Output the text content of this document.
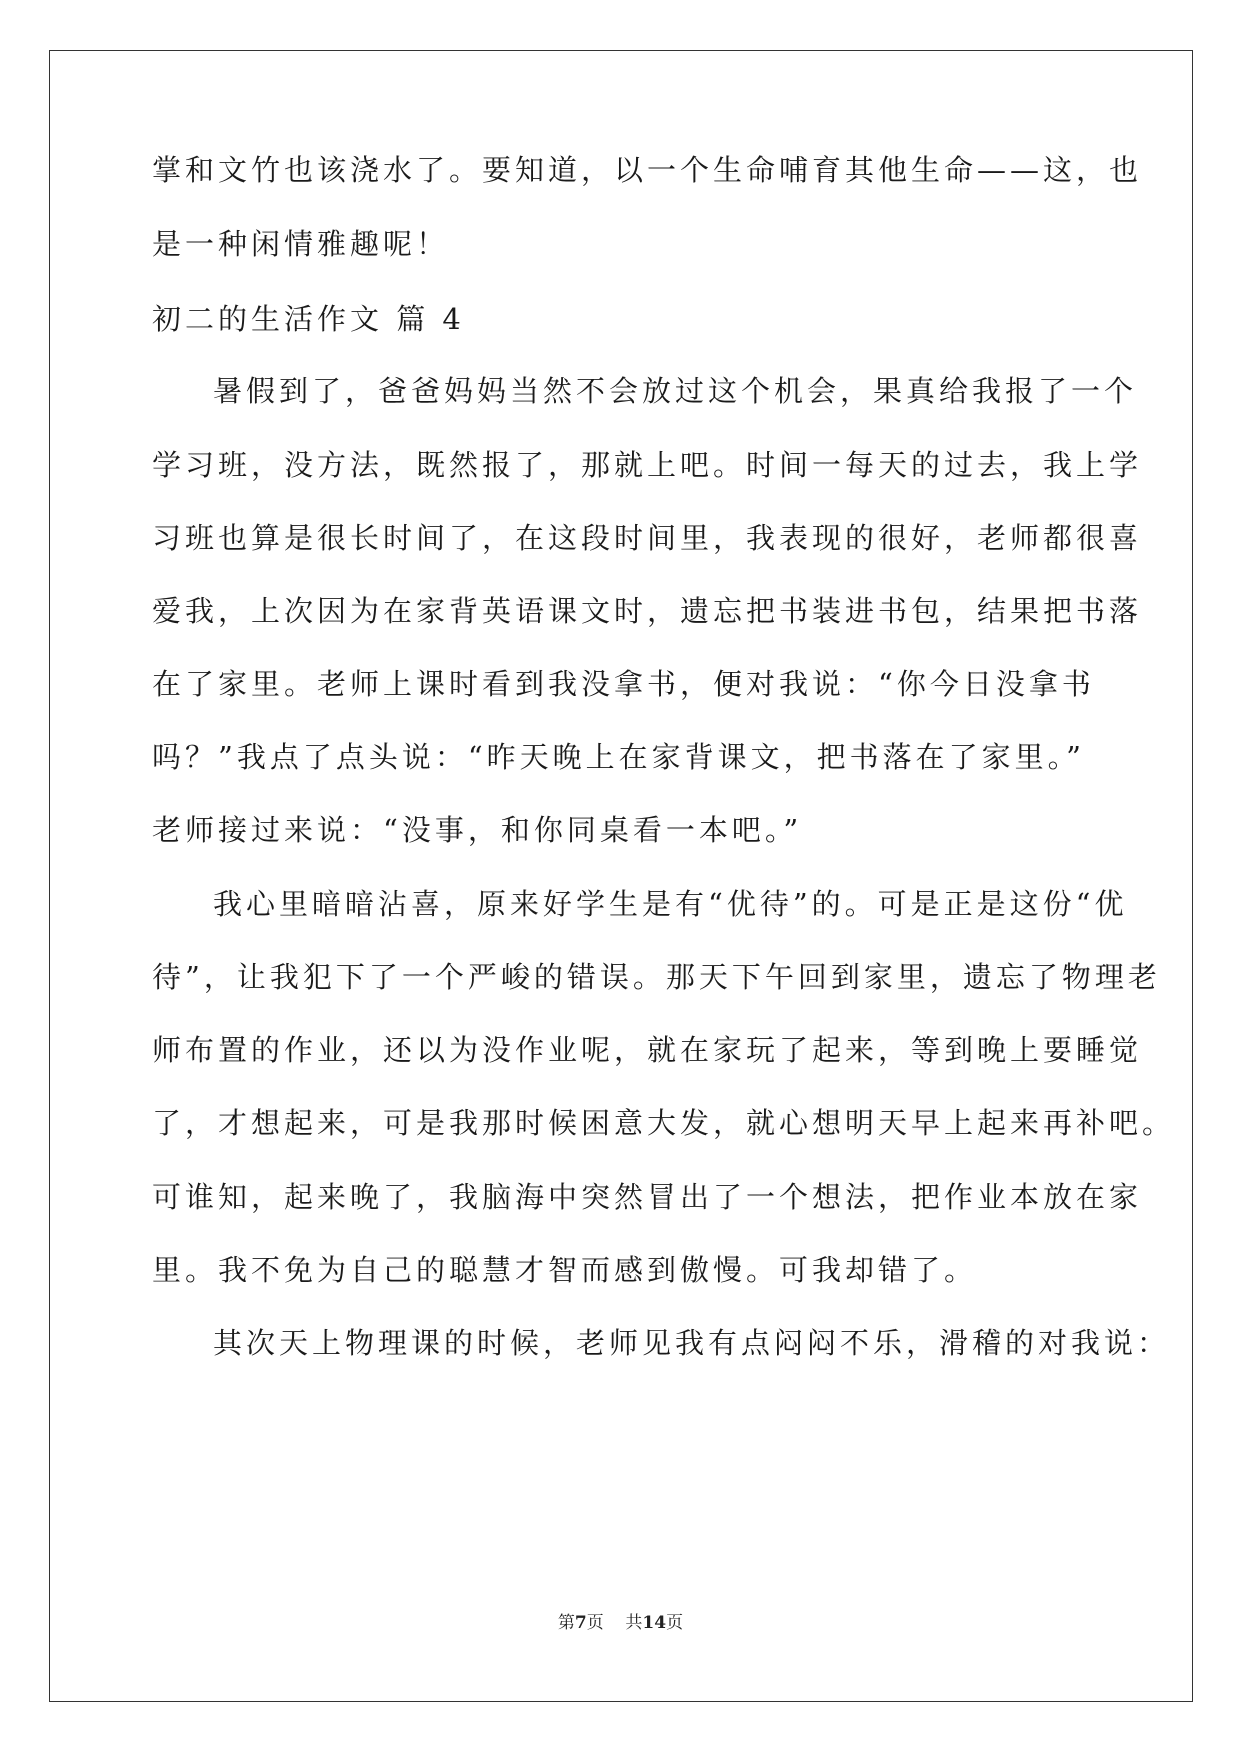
掌和文竹也该浇水了。要知道，以一个生命哺育其他生命——这，也
是一种闲情雅趣呢！
初二的生活作文 篇 4
暑假到了，爸爸妈妈当然不会放过这个机会，果真给我报了一个
学习班，没方法，既然报了，那就上吧。时间一每天的过去，我上学
习班也算是很长时间了，在这段时间里，我表现的很好，老师都很喜
爱我，上次因为在家背英语课文时，遗忘把书装进书包，结果把书落
在了家里。老师上课时看到我没拿书，便对我说：“你今日没拿书
吗？”我点了点头说：“昨天晚上在家背课文，把书落在了家里。”
老师接过来说：“没事，和你同桌看一本吧。”
我心里暗暗沾喜，原来好学生是有“优待”的。可是正是这份“优
待”，让我犯下了一个严峻的错误。那天下午回到家里，遗忘了物理老
师布置的作业，还以为没作业呢，就在家玩了起来，等到晚上要睡觉
了，才想起来，可是我那时候困意大发，就心想明天早上起来再补吧。
可谁知，起来晚了，我脑海中突然冒出了一个想法，把作业本放在家
里。我不免为自己的聪慧才智而感到傲慢。可我却错了。
其次天上物理课的时候，老师见我有点闷闷不乐，滑稽的对我说：
第7页 共14页
